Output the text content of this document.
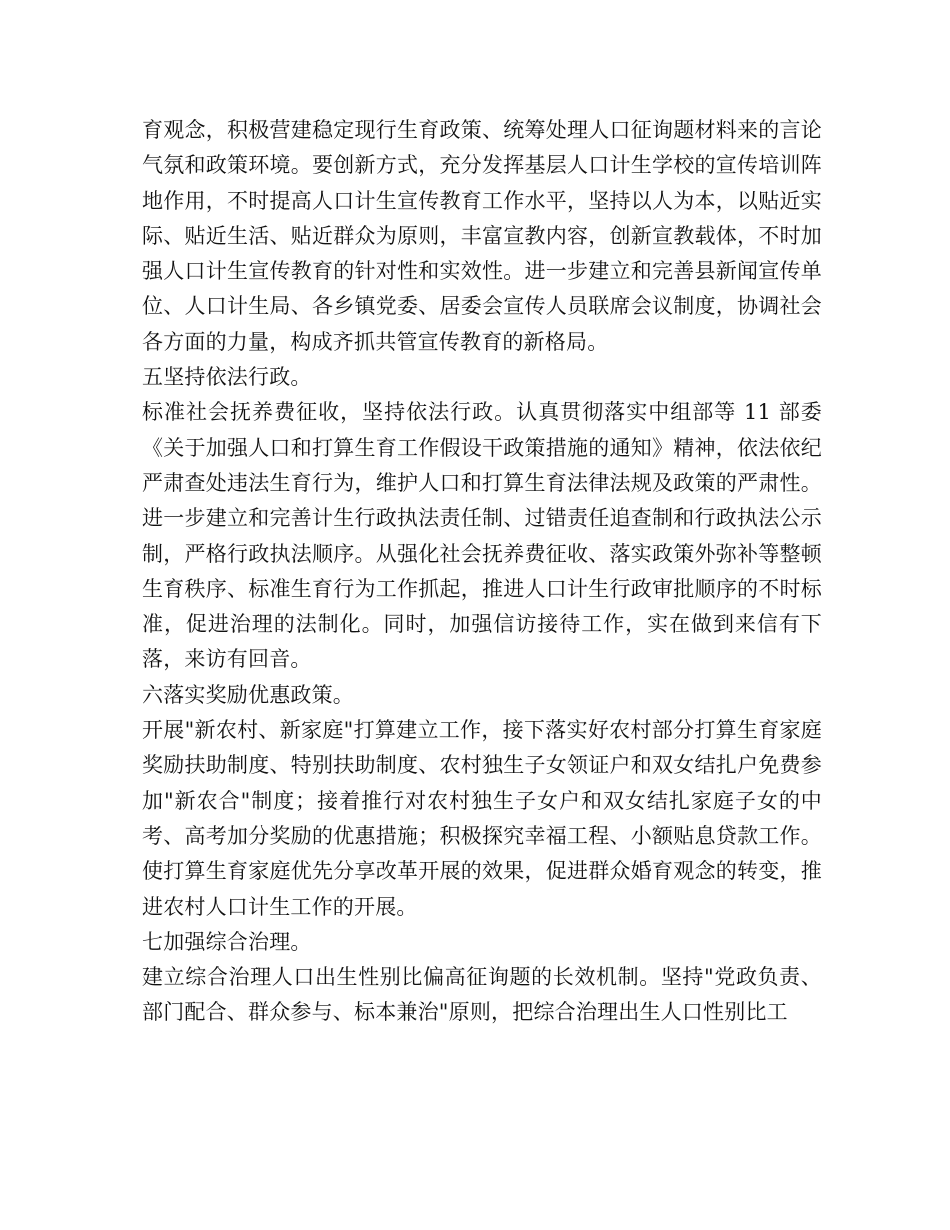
育观念，积极营建稳定现行生育政策、统筹处理人口征询题材料来的言论气氛和政策环境。要创新方式，充分发挥基层人口计生学校的宣传培训阵地作用，不时提高人口计生宣传教育工作水平，坚持以人为本，以贴近实际、贴近生活、贴近群众为原则，丰富宣教内容，创新宣教载体，不时加强人口计生宣传教育的针对性和实效性。进一步建立和完善县新闻宣传单位、人口计生局、各乡镇党委、居委会宣传人员联席会议制度，协调社会各方面的力量，构成齐抓共管宣传教育的新格局。

五坚持依法行政。

标准社会抚养费征收，坚持依法行政。认真贯彻落实中组部等 11 部委《关于加强人口和打算生育工作假设干政策措施的通知》精神，依法依纪严肃查处违法生育行为，维护人口和打算生育法律法规及政策的严肃性。进一步建立和完善计生行政执法责任制、过错责任追查制和行政执法公示制，严格行政执法顺序。从强化社会抚养费征收、落实政策外弥补等整顿生育秩序、标准生育行为工作抓起，推进人口计生行政审批顺序的不时标准，促进治理的法制化。同时，加强信访接待工作，实在做到来信有下落，来访有回音。

六落实奖励优惠政策。

开展"新农村、新家庭"打算建立工作，接下落实好农村部分打算生育家庭奖励扶助制度、特别扶助制度、农村独生子女领证户和双女结扎户免费参加"新农合"制度；接着推行对农村独生子女户和双女结扎家庭子女的中考、高考加分奖励的优惠措施；积极探究幸福工程、小额贴息贷款工作。使打算生育家庭优先分享改革开展的效果，促进群众婚育观念的转变，推进农村人口计生工作的开展。

七加强综合治理。

建立综合治理人口出生性别比偏高征询题的长效机制。坚持"党政负责、部门配合、群众参与、标本兼治"原则，把综合治理出生人口性别比工
